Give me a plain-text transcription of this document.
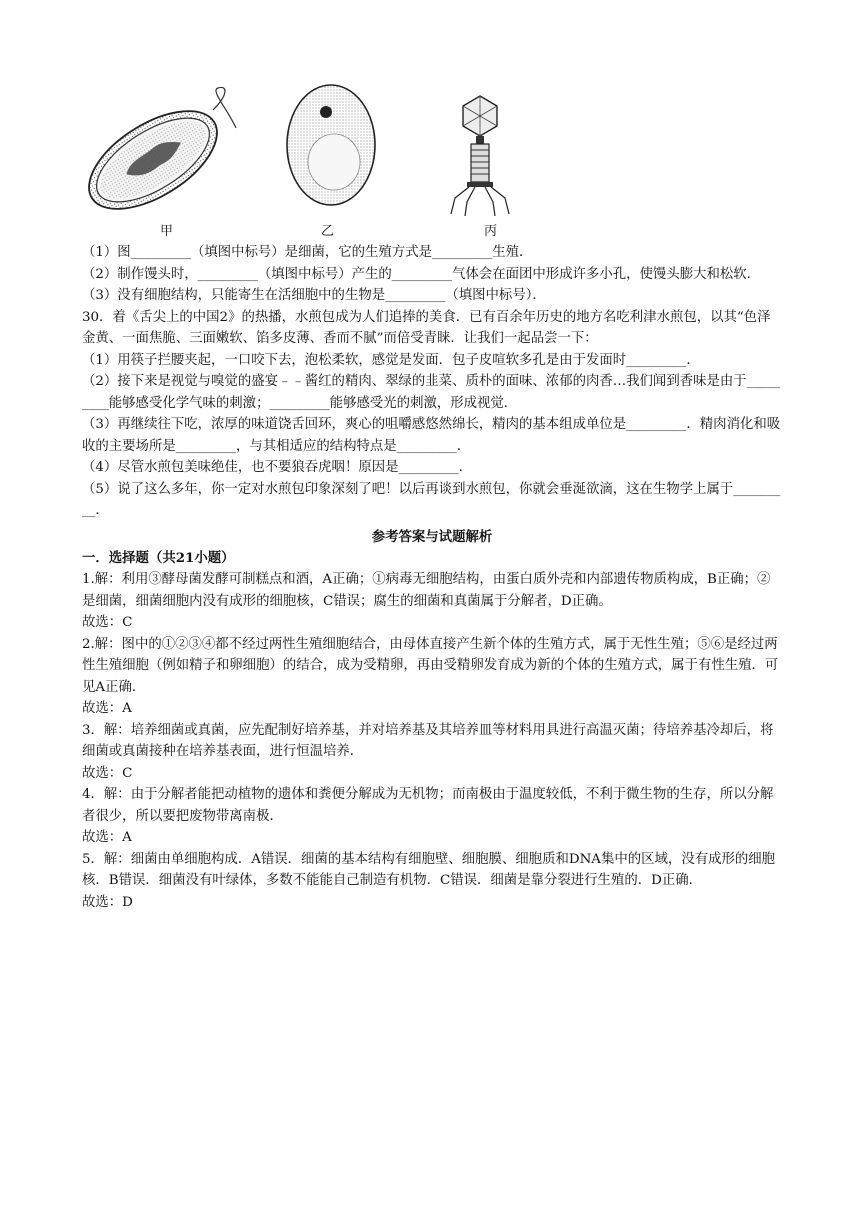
甲	乙	丙

（1）图_________（填图中标号）是细菌，它的生殖方式是_________生殖．

（2）制作馒头时，_________（填图中标号）产生的_________气体会在面团中形成许多小孔，使馒头膨大和松软．

（3）没有细胞结构，只能寄生在活细胞中的生物是_________（填图中标号）．

30．着《舌尖上的中国2》的热播，水煎包成为人们追捧的美食．已有百余年历史的地方名吃利津水煎包，以其“色泽金黄、一面焦脆、三面嫩软、馅多皮薄、香而不腻”而倍受青睐．让我们一起品尝一下：

（1）用筷子拦腰夹起，一口咬下去，泡松柔软，感觉是发面．包子皮喧软多孔是由于发面时_________．

（2）接下来是视觉与嗅觉的盛宴﹣﹣酱红的精肉、翠绿的韭菜、质朴的面味、浓郁的肉香…我们闻到香味是由于_________能够感受化学气味的刺激；_________能够感受光的刺激，形成视觉．

（3）再继续往下吃，浓厚的味道饶舌回环，爽心的咀嚼感悠然绵长，精肉的基本组成单位是_________．精肉消化和吸收的主要场所是_________，与其相适应的结构特点是_________．

（4）尽管水煎包美味绝佳，也不要狼吞虎咽！原因是_________．

（5）说了这么多年，你一定对水煎包印象深刻了吧！以后再谈到水煎包，你就会垂涎欲滴，这在生物学上属于_________．

参考答案与试题解析

一．选择题（共21小题）

1.解：利用③酵母菌发酵可制糕点和酒，A正确；①病毒无细胞结构，由蛋白质外壳和内部遗传物质构成，B正确；②是细菌，细菌细胞内没有成形的细胞核，C错误；腐生的细菌和真菌属于分解者，D正确。

故选：C

2.解：图中的①②③④都不经过两性生殖细胞结合，由母体直接产生新个体的生殖方式，属于无性生殖；⑤⑥是经过两性生殖细胞（例如精子和卵细胞）的结合，成为受精卵，再由受精卵发育成为新的个体的生殖方式，属于有性生殖．可见A正确．

故选：A

3．解：培养细菌或真菌，应先配制好培养基，并对培养基及其培养皿等材料用具进行高温灭菌；待培养基冷却后，将细菌或真菌接种在培养基表面，进行恒温培养．

故选：C

4．解：由于分解者能把动植物的遗体和粪便分解成为无机物；而南极由于温度较低，不利于微生物的生存，所以分解者很少，所以要把废物带离南极．

故选：A

5．解：细菌由单细胞构成．A错误．细菌的基本结构有细胞壁、细胞膜、细胞质和DNA集中的区域，没有成形的细胞核．B错误．细菌没有叶绿体，多数不能能自己制造有机物．C错误．细菌是靠分裂进行生殖的．D正确．

故选：D
